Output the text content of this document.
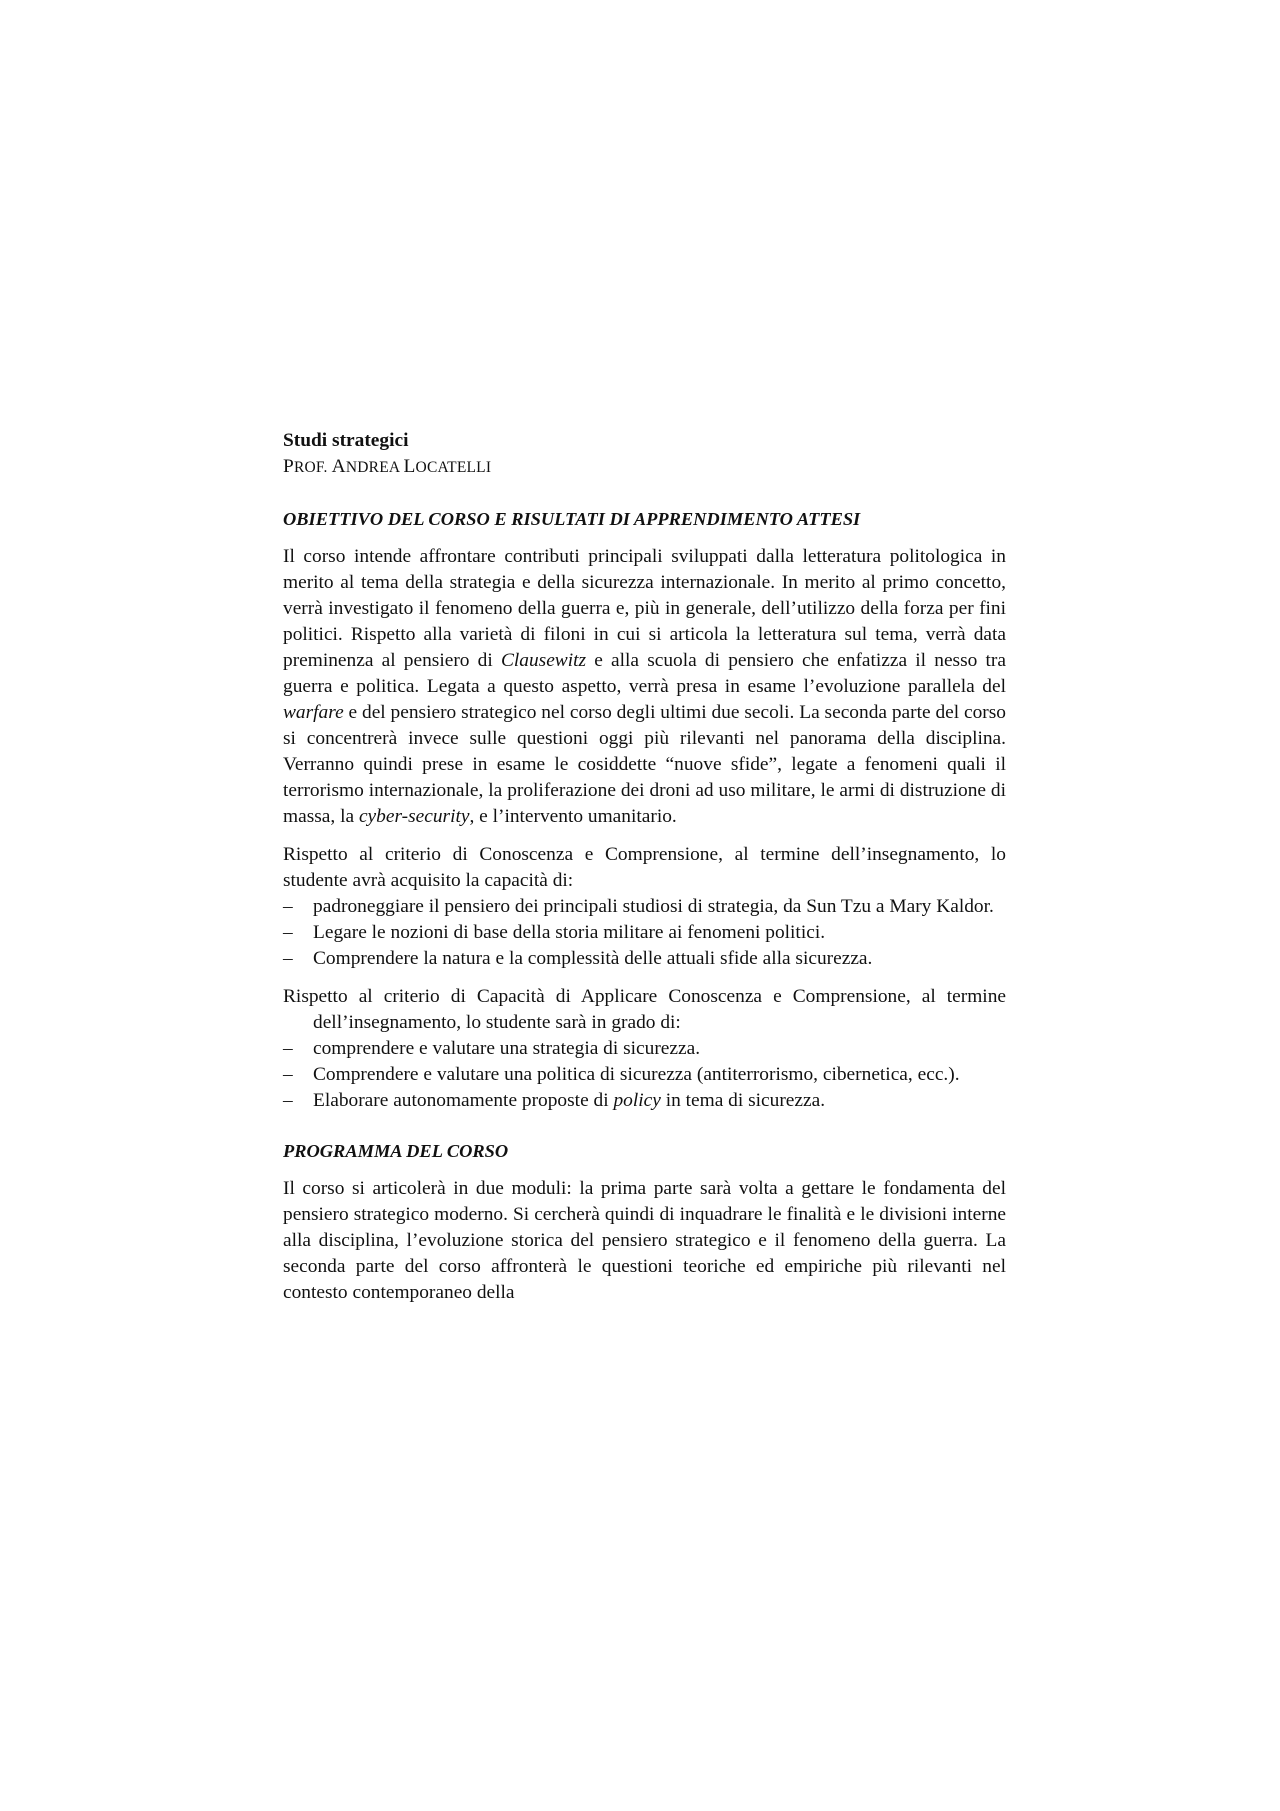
Studi strategici

PROF. ANDREA LOCATELLI

OBIETTIVO DEL CORSO E RISULTATI DI APPRENDIMENTO ATTESI

Il corso intende affrontare contributi principali sviluppati dalla letteratura politologica in merito al tema della strategia e della sicurezza internazionale. In merito al primo concetto, verrà investigato il fenomeno della guerra e, più in generale, dell’utilizzo della forza per fini politici. Rispetto alla varietà di filoni in cui si articola la letteratura sul tema, verrà data preminenza al pensiero di Clausewitz e alla scuola di pensiero che enfatizza il nesso tra guerra e politica. Legata a questo aspetto, verrà presa in esame l’evoluzione parallela del warfare e del pensiero strategico nel corso degli ultimi due secoli. La seconda parte del corso si concentrerà invece sulle questioni oggi più rilevanti nel panorama della disciplina. Verranno quindi prese in esame le cosiddette “nuove sfide”, legate a fenomeni quali il terrorismo internazionale, la proliferazione dei droni ad uso militare, le armi di distruzione di massa, la cyber-security, e l’intervento umanitario.

Rispetto al criterio di Conoscenza e Comprensione, al termine dell’insegnamento, lo studente avrà acquisito la capacità di:

– padroneggiare il pensiero dei principali studiosi di strategia, da Sun Tzu a Mary Kaldor.
– Legare le nozioni di base della storia militare ai fenomeni politici.
– Comprendere la natura e la complessità delle attuali sfide alla sicurezza.

Rispetto al criterio di Capacità di Applicare Conoscenza e Comprensione, al termine dell’insegnamento, lo studente sarà in grado di:

– comprendere e valutare una strategia di sicurezza.
– Comprendere e valutare una politica di sicurezza (antiterrorismo, cibernetica, ecc.).
– Elaborare autonomamente proposte di policy in tema di sicurezza.

PROGRAMMA DEL CORSO

Il corso si articolerà in due moduli: la prima parte sarà volta a gettare le fondamenta del pensiero strategico moderno. Si cercherà quindi di inquadrare le finalità e le divisioni interne alla disciplina, l’evoluzione storica del pensiero strategico e il fenomeno della guerra. La seconda parte del corso affronterà le questioni teoriche ed empiriche più rilevanti nel contesto contemporaneo della
